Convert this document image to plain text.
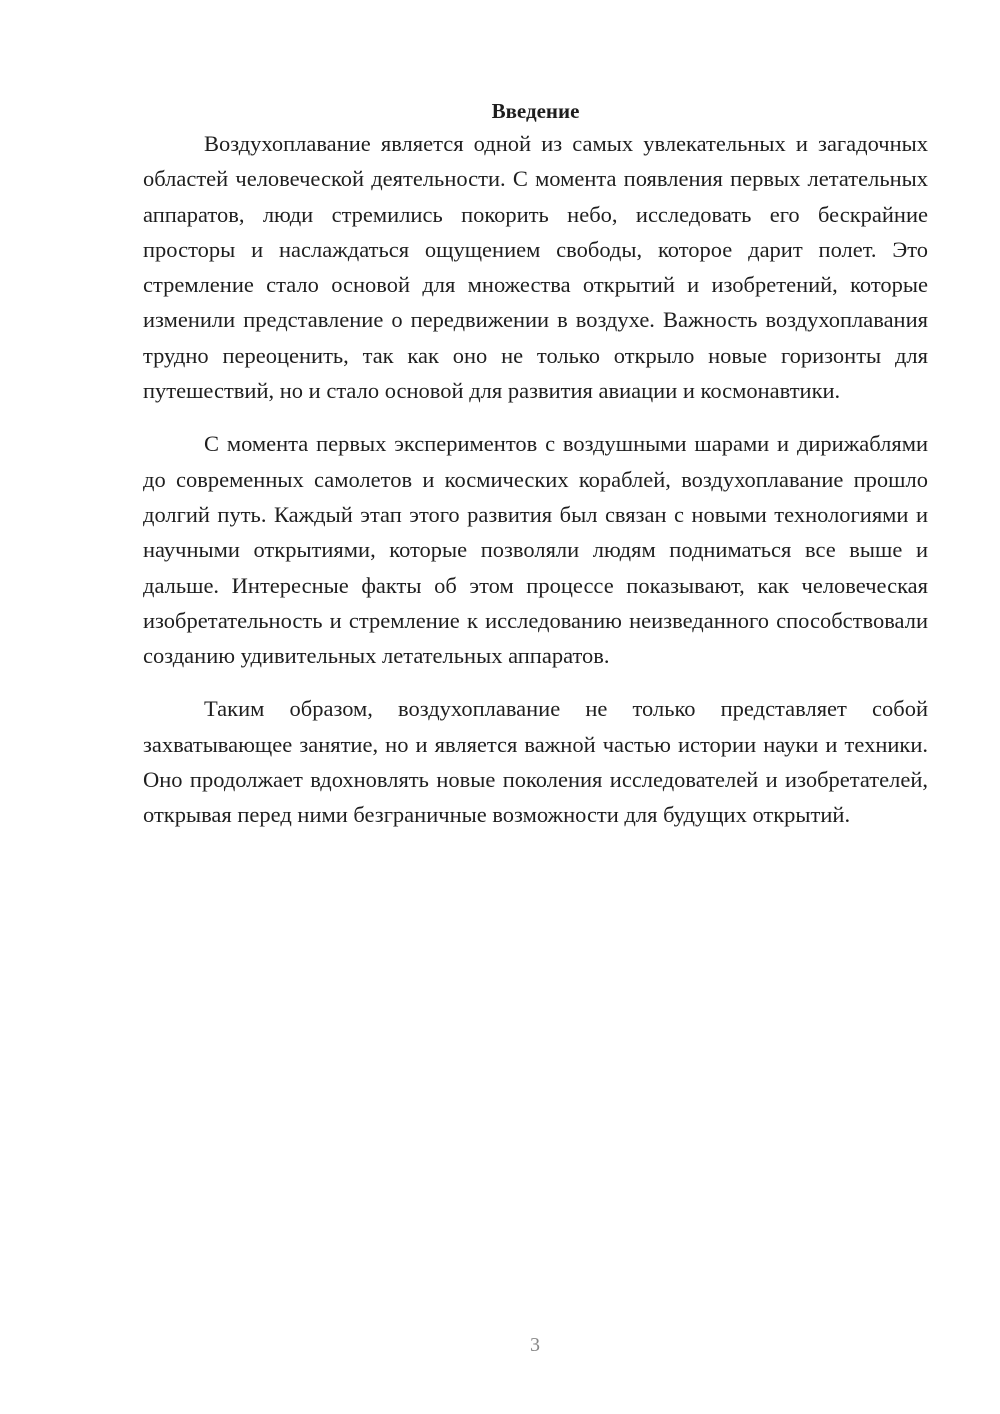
Введение

Воздухоплавание является одной из самых увлекательных и загадочных областей человеческой деятельности. С момента появления первых летательных аппаратов, люди стремились покорить небо, исследовать его бескрайние просторы и наслаждаться ощущением свободы, которое дарит полет. Это стремление стало основой для множества открытий и изобретений, которые изменили представление о передвижении в воздухе. Важность воздухоплавания трудно переоценить, так как оно не только открыло новые горизонты для путешествий, но и стало основой для развития авиации и космонавтики.

С момента первых экспериментов с воздушными шарами и дирижаблями до современных самолетов и космических кораблей, воздухоплавание прошло долгий путь. Каждый этап этого развития был связан с новыми технологиями и научными открытиями, которые позволяли людям подниматься все выше и дальше. Интересные факты об этом процессе показывают, как человеческая изобретательность и стремление к исследованию неизведанного способствовали созданию удивительных летательных аппаратов.

Таким образом, воздухоплавание не только представляет собой захватывающее занятие, но и является важной частью истории науки и техники. Оно продолжает вдохновлять новые поколения исследователей и изобретателей, открывая перед ними безграничные возможности для будущих открытий.

3
